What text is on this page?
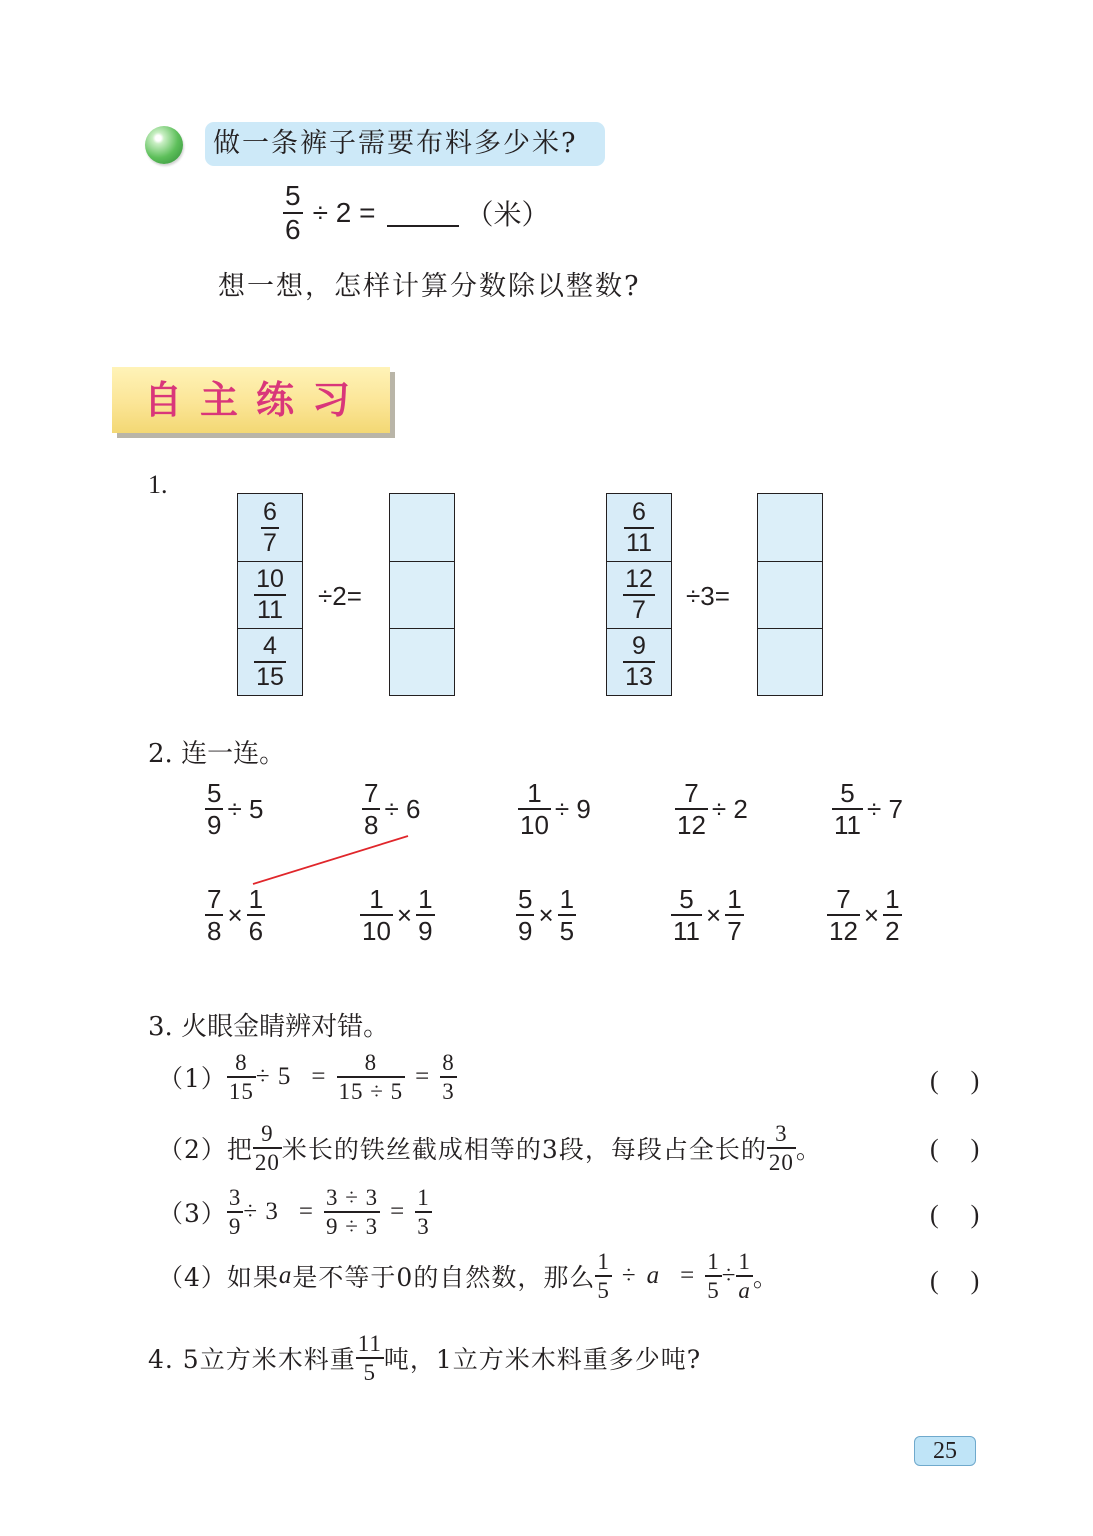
做一条裤子需要布料多少米?
$\frac{5}{6} \div 2$ =	（米）
想一想，怎样计算分数除以整数?
自主练习
1.
$\frac{6}{7}$
$\frac{10}{11}$
$\frac{4}{15}$
÷2=
$\frac{6}{11}$
$\frac{12}{7}$
$\frac{9}{13}$
÷3=
2. 连一连。
$\frac{5}{9} \div 5$	$\frac{7}{8} \div 6$	$\frac{1}{10} \div 9$	$\frac{7}{12} \div 2$	$\frac{5}{11} \div 7$
$\frac{7}{8} \times \frac{1}{6}$	$\frac{1}{10} \times \frac{1}{9}$	$\frac{5}{9} \times \frac{1}{5}$	$\frac{5}{11} \times \frac{1}{7}$	$\frac{7}{12} \times \frac{1}{2}$
3. 火眼金睛辨对错。
$(1) \frac{8}{15} \div 5 = \frac{8}{15 \div 5} = \frac{8}{3}$	( )
（2） 把 $\frac{9}{20}$ 米长的铁丝截成相等的3段，每段占全长的 $\frac{3}{20}$ 。	( )
$(3) \frac{3}{9} \div 3 = \frac{3 \div 3}{9 \div 3} = \frac{1}{3}$	( )
（4） 如果 a 是不等于0的自然数，那么 $\frac{1}{5} \div a = \frac{1}{5} \div \frac{1}{a}$ 。	( )
4. 5立方米木料重 $\frac{11}{5}$ 吨，1立方米木料重多少吨?
25
